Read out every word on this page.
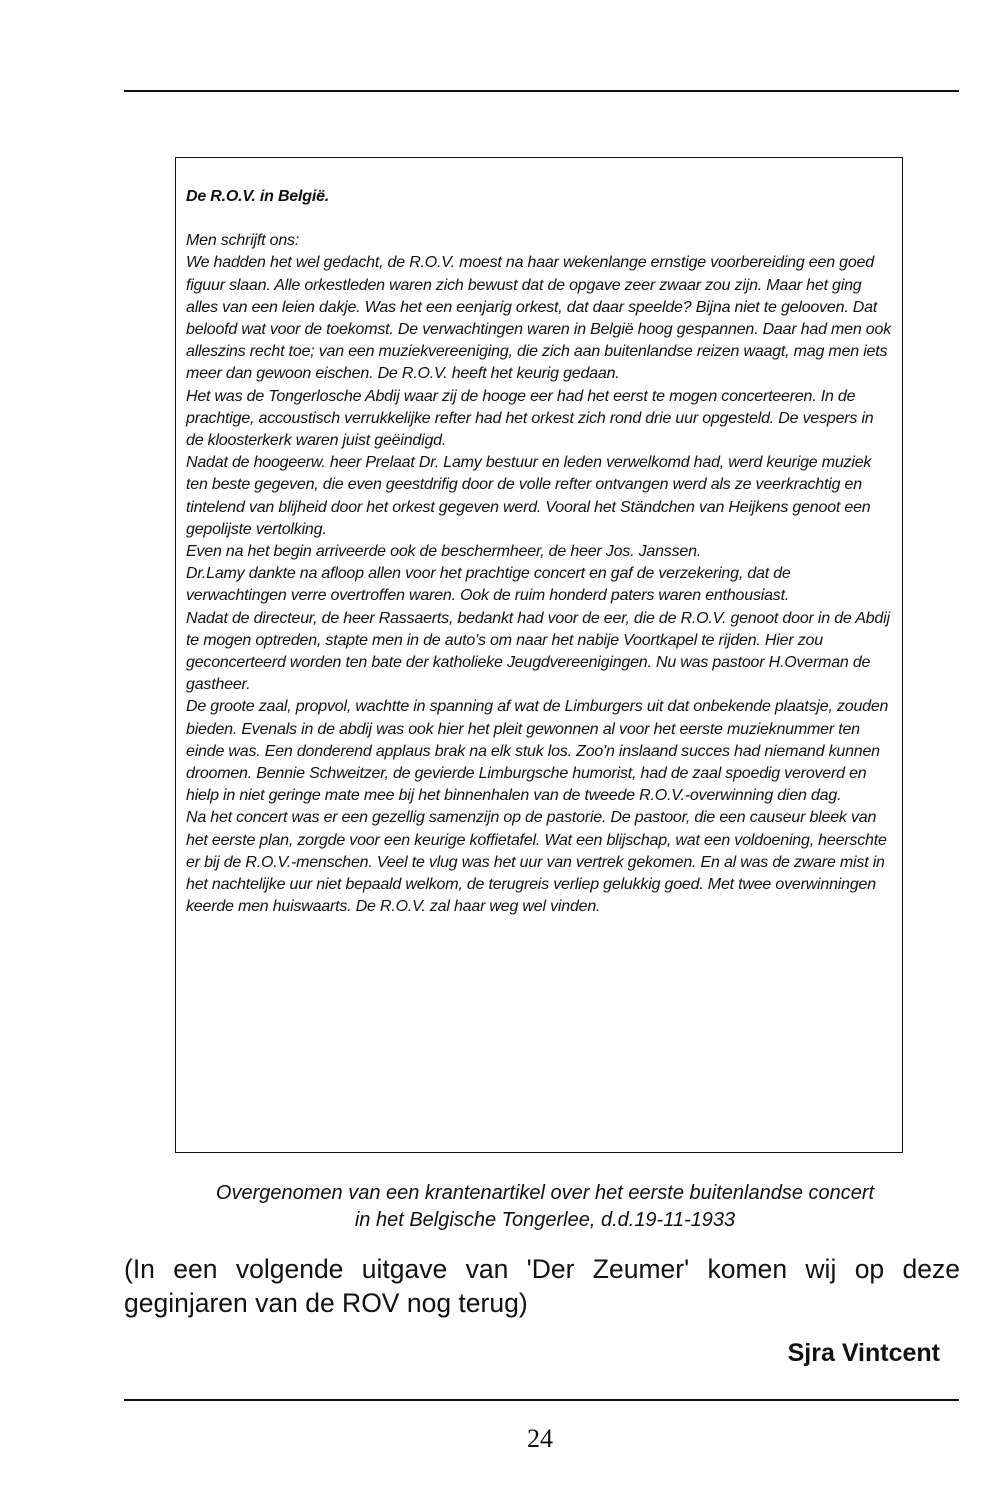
De R.O.V. in België.

Men schrijft ons:
We hadden het wel gedacht, de R.O.V. moest na haar wekenlange ernstige voorbereiding een goed figuur slaan. Alle orkestleden waren zich bewust dat de opgave zeer zwaar zou zijn. Maar het ging alles van een leien dakje. Was het een eenjarig orkest, dat daar speelde? Bijna niet te gelooven. Dat beloofd wat voor de toekomst. De verwachtingen waren in België hoog gespannen. Daar had men ook alleszins recht toe; van een muziekvereeniging, die zich aan buitenlandse reizen waagt, mag men iets meer dan gewoon eischen. De R.O.V. heeft het keurig gedaan.
Het was de Tongerlosche Abdij waar zij de hooge eer had het eerst te mogen concerteeren. In de prachtige, accoustisch verrukkelijke refter had het orkest zich rond drie uur opgesteld. De vespers in de kloosterkerk waren juist geëindigd.
Nadat de hoogeerw. heer Prelaat Dr. Lamy bestuur en leden verwelkomd had, werd keurige muziek ten beste gegeven, die even geestdrifig door de volle refter ontvangen werd als ze veerkrachtig en tintelend van blijheid door het orkest gegeven werd. Vooral het Ständchen van Heijkens genoot een gepolijste vertolking.
Even na het begin arriveerde ook de beschermheer, de heer Jos. Janssen.
Dr.Lamy dankte na afloop allen voor het prachtige concert en gaf de verzekering, dat de verwachtingen verre overtroffen waren. Ook de ruim honderd paters waren enthousiast.
Nadat de directeur, de heer Rassaerts, bedankt had voor de eer, die de R.O.V. genoot door in de Abdij te mogen optreden, stapte men in de auto's om naar het nabije Voortkapel te rijden. Hier zou geconcerteerd worden ten bate der katholieke Jeugdvereenigingen. Nu was pastoor H.Overman de gastheer.
De groote zaal, propvol, wachtte in spanning af wat de Limburgers uit dat onbekende plaatsje, zouden bieden. Evenals in de abdij was ook hier het pleit gewonnen al voor het eerste muzieknummer ten einde was. Een donderend applaus brak na elk stuk los. Zoo'n inslaand succes had niemand kunnen droomen. Bennie Schweitzer, de gevierde Limburgsche humorist, had de zaal spoedig veroverd en hielp in niet geringe mate mee bij het binnenhalen van de tweede R.O.V.-overwinning dien dag.
Na het concert was er een gezellig samenzijn op de pastorie. De pastoor, die een causeur bleek van het eerste plan, zorgde voor een keurige koffietafel. Wat een blijschap, wat een voldoening, heerschte er bij de R.O.V.-menschen. Veel te vlug was het uur van vertrek gekomen. En al was de zware mist in het nachtelijke uur niet bepaald welkom, de terugreis verliep gelukkig goed. Met twee overwinningen keerde men huiswaarts. De R.O.V. zal haar weg wel vinden.

Overgenomen van een krantenartikel over het eerste buitenlandse concert
in het Belgische Tongerlee, d.d.19-11-1933
(In een volgende uitgave van 'Der Zeumer' komen wij op deze geginjaren van de ROV nog terug)
Sjra Vintcent
24
